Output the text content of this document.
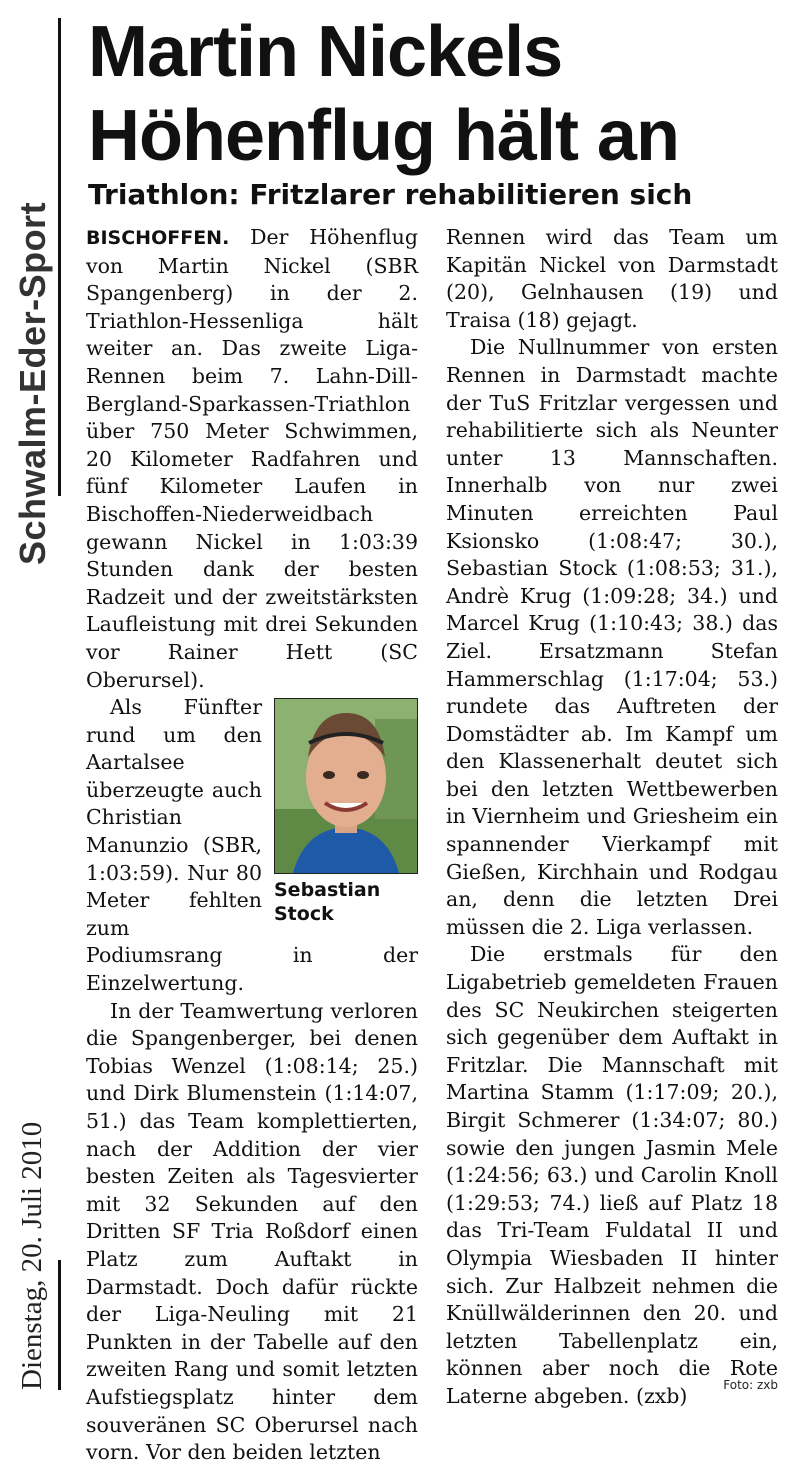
Schwalm-Eder-Sport
Dienstag, 20. Juli 2010
Martin Nickels Höhenflug hält an
Triathlon: Fritzlarer rehabilitieren sich

BISCHOFFEN. Der Höhenflug von Martin Nickel (SBR Spangenberg) in der 2. Triathlon-Hessenliga hält weiter an. Das zweite Liga-Rennen beim 7. Lahn-Dill-Bergland-Sparkassen-Triathlon über 750 Meter Schwimmen, 20 Kilometer Radfahren und fünf Kilometer Laufen in Bischoffen-Niederweidbach gewann Nickel in 1:03:39 Stunden dank der besten Radzeit und der zweitstärksten Laufleistung mit drei Sekunden vor Rainer Hett (SC Oberursel).

Sebastian Stock

Als Fünfter rund um den Aartalsee überzeugte auch Christian Manunzio (SBR, 1:03:59). Nur 80 Meter fehlten zum Podiumsrang in der Einzelwertung.

In der Teamwertung verloren die Spangenberger, bei denen Tobias Wenzel (1:08:14; 25.) und Dirk Blumenstein (1:14:07, 51.) das Team komplettierten, nach der Addition der vier besten Zeiten als Tagesvierter mit 32 Sekunden auf den Dritten SF Tria Roßdorf einen Platz zum Auftakt in Darmstadt. Doch dafür rückte der Liga-Neuling mit 21 Punkten in der Tabelle auf den zweiten Rang und somit letzten Aufstiegsplatz hinter dem souveränen SC Oberursel nach vorn. Vor den beiden letzten

Rennen wird das Team um Kapitän Nickel von Darmstadt (20), Gelnhausen (19) und Traisa (18) gejagt.

Die Nullnummer von ersten Rennen in Darmstadt machte der TuS Fritzlar vergessen und rehabilitierte sich als Neunter unter 13 Mannschaften. Innerhalb von nur zwei Minuten erreichten Paul Ksionsko (1:08:47; 30.), Sebastian Stock (1:08:53; 31.), Andrè Krug (1:09:28; 34.) und Marcel Krug (1:10:43; 38.) das Ziel. Ersatzmann Stefan Hammerschlag (1:17:04; 53.) rundete das Auftreten der Domstädter ab. Im Kampf um den Klassenerhalt deutet sich bei den letzten Wettbewerben in Viernheim und Griesheim ein spannender Vierkampf mit Gießen, Kirchhain und Rodgau an, denn die letzten Drei müssen die 2. Liga verlassen.

Die erstmals für den Ligabetrieb gemeldeten Frauen des SC Neukirchen steigerten sich gegenüber dem Auftakt in Fritzlar. Die Mannschaft mit Martina Stamm (1:17:09; 20.), Birgit Schmerer (1:34:07; 80.) sowie den jungen Jasmin Mele (1:24:56; 63.) und Carolin Knoll (1:29:53; 74.) ließ auf Platz 18 das Tri-Team Fuldatal II und Olympia Wiesbaden II hinter sich. Zur Halbzeit nehmen die Knüllwälderinnen den 20. und letzten Tabellenplatz ein, können aber noch die Rote Laterne abgeben. (zxb)	Foto: zxb
